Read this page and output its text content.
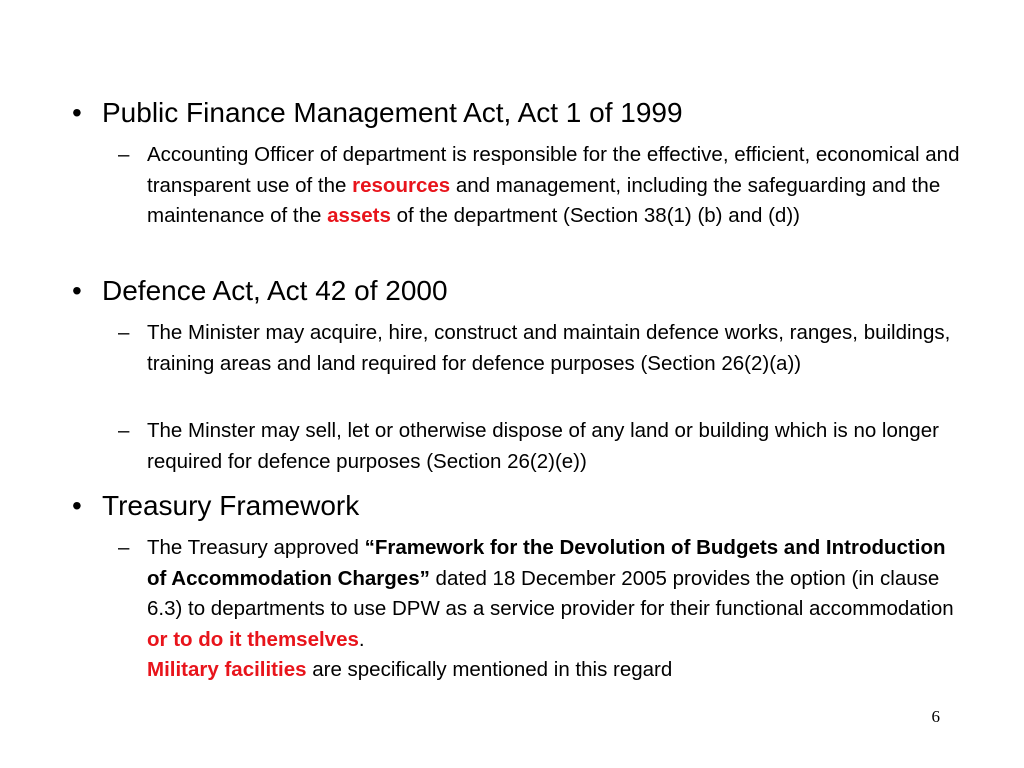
• Public Finance Management Act, Act 1 of 1999
– Accounting Officer of department is responsible for the effective, efficient, economical and transparent use of the resources and management, including the safeguarding and the maintenance of the assets of the department (Section 38(1) (b) and (d))
• Defence Act, Act 42 of 2000
– The Minister may acquire, hire, construct and maintain defence works, ranges, buildings, training areas and land required for defence purposes (Section 26(2)(a))
– The Minster may sell, let or otherwise dispose of any land or building which is no longer required for defence purposes (Section 26(2)(e))
• Treasury Framework
– The Treasury approved “Framework for the Devolution of Budgets and Introduction of Accommodation Charges” dated 18 December 2005 provides the option (in clause 6.3) to departments to use DPW as a service provider for their functional accommodation or to do it themselves.
Military facilities are specifically mentioned in this regard
6
